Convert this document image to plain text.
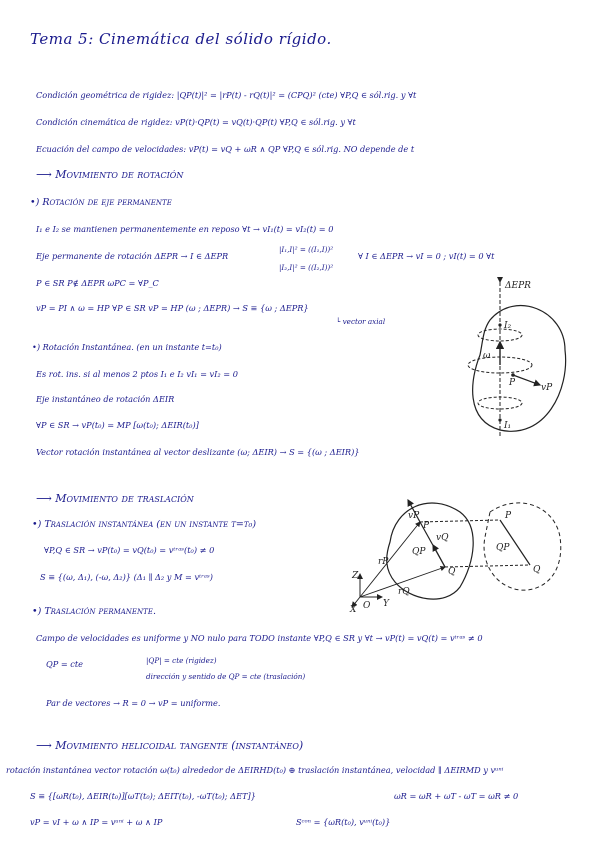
Tema 5: Cinemática del sólido rígido.
Condición geométrica de rigidez: |QP(t)|² = |rP(t) - rQ(t)|² = (CPQ)² (cte) ∀P,Q ∈ sól.rig. y ∀t
Condición cinemática de rigidez: vP(t)·QP(t) = vQ(t)·QP(t) ∀P,Q ∈ sól.rig. y ∀t
Ecuación del campo de velocidades: vP(t) = vQ + ωR ∧ QP ∀P,Q ∈ sól.rig. NO depende de t
⟶ Movimiento de rotación
•) Rotación de eje permanente
I₁ e I₂ se mantienen permanentemente en reposo ∀t → vI₁(t) = vI₂(t) = 0
Eje permanente de rotación ΔEPR → I ∈ ΔEPR
|I₁,I|² = ((I₁,I))²
|I₂,I|² = ((I₂,I))²
∀ I ∈ ΔEPR → vI = 0 ; vI(t) = 0 ∀t
P ∈ SR P∉ ΔEPR ωPC = ∀P_C
vP = PI ∧ ω = HP ∀P ∈ SR vP = HP (ω ; ΔEPR) → S ≡ {ω ; ΔEPR}
└ vector axial
•) Rotación Instantánea. (en un instante t=t₀)
Es rot. ins. si al menos 2 ptos I₁ e I₂ vI₁ = vI₂ = 0
Eje instantáneo de rotación ΔEIR
∀P ∈ SR → vP(t₀) = MP [ω(t₀); ΔEIR(t₀)]
Vector rotación instantánea al vector deslizante (ω; ΔEIR) → S = {(ω ; ΔEIR)}
ΔEPR
I₂
ω
P	vP
I₁
⟶ Movimiento de traslación
•) Traslación instantánea (en un instante t=t₀)
∀P,Q ∈ SR → vP(t₀) = vQ(t₀) = vᵗʳᵃˢ(t₀) ≠ 0
S ≡ {(ω, Δ₁), (-ω, Δ₂)} (Δ₁ ∥ Δ₂ y M = vᵗʳᵃˢ)
•) Traslación permanente.
Campo de velocidades es uniforme y NO nulo para TODO instante ∀P,Q ∈ SR y ∀t → vP(t) = vQ(t) = vᵗʳᵃˢ ≠ 0
QP = cte	|QP| = cte (rigidez)
dirección y sentido de QP = cte (traslación)
Par de vectores → R = 0 → vP = uniforme.
vP
P
QP
Q
vQ
QP
Q
P
rP
rQ
O
X
Y
Z
⟶ Movimiento helicoidal tangente (instantáneo)
rotación instantánea vector rotación ω(t₀) alrededor de ΔEIRHD(t₀) ⊕ traslación instantánea, velocidad ∥ ΔEIRMD y vᵘⁿⁱ
S ≡ {[ωR(t₀), ΔEIR(t₀)][ωT(t₀); ΔEIT(t₀), -ωT(t₀); ΔET]}	ωR = ωR + ωT - ωT = ωR ≠ 0
vP = vI + ω ∧ IP = vᵘⁿⁱ + ω ∧ IP	Sᶜᵒⁿ = {ωR(t₀), vᵘⁿⁱ(t₀)}
